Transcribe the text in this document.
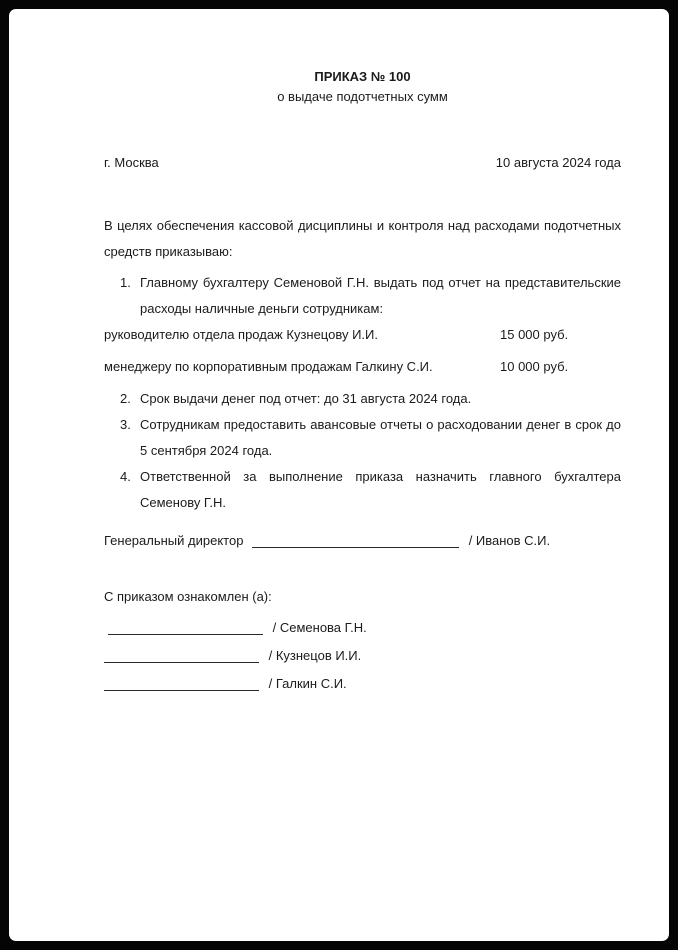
ПРИКАЗ № 100

о выдаче подотчетных сумм

г. Москва	10 августа 2024 года

В целях обеспечения кассовой дисциплины и контроля над расходами подотчетных средств приказываю:

1. Главному бухгалтеру Семеновой Г.Н. выдать под отчет на представительские расходы наличные деньги сотрудникам:
руководителю отдела продаж Кузнецову И.И.	15 000 руб.
менеджеру по корпоративным продажам Галкину С.И.	10 000 руб.
2. Срок выдачи денег под отчет: до 31 августа 2024 года.
3. Сотрудникам предоставить авансовые отчеты о расходовании денег в срок до 5 сентября 2024 года.
4. Ответственной за выполнение приказа назначить главного бухгалтера Семенову Г.Н.
Генеральный директор	/ Иванов С.И.

С приказом ознакомлен (а):

/ Семенова Г.Н.
/ Кузнецов И.И.
/ Галкин С.И.
